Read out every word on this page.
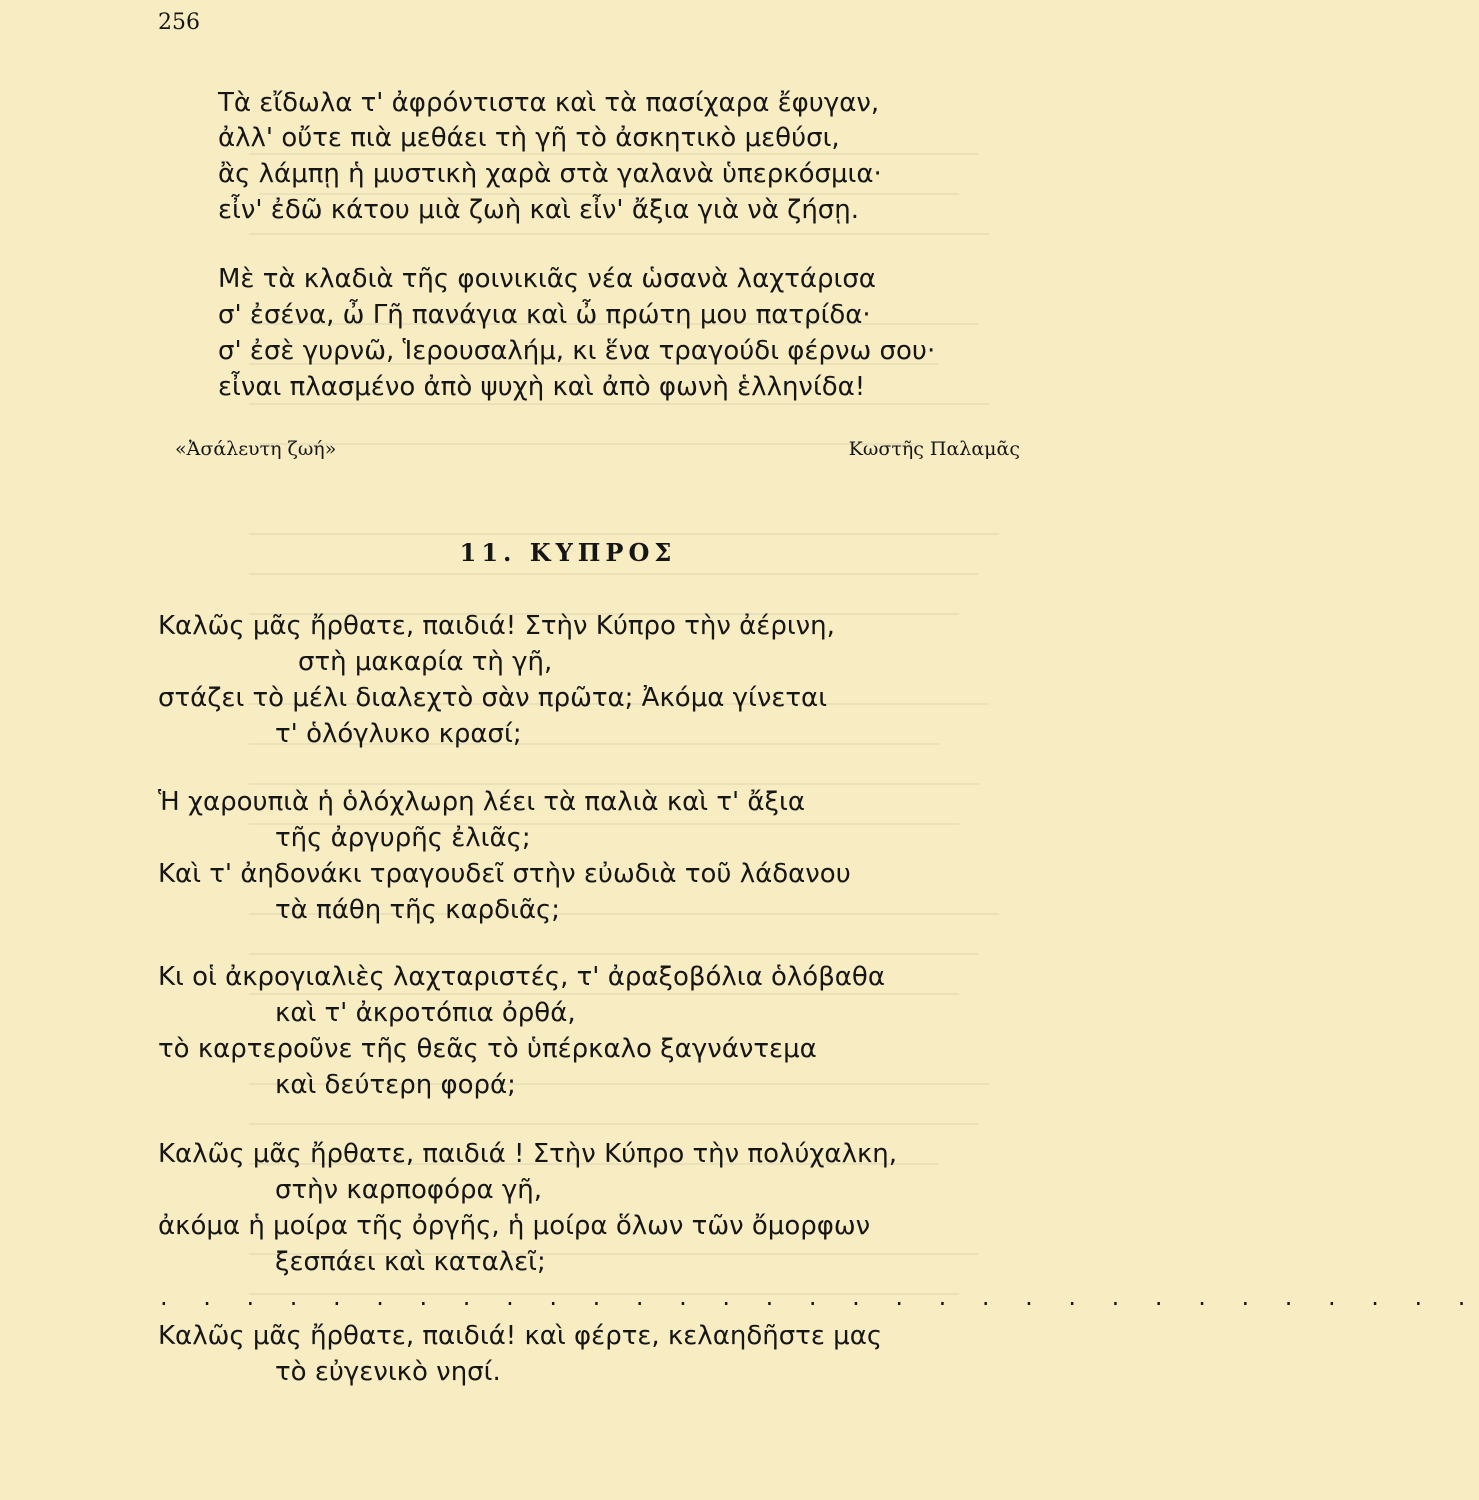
256
Τὰ εἴδωλα τ' ἀφρόντιστα καὶ τὰ πασίχαρα ἔφυγαν,
ἀλλ' οὔτε πιὰ μεθάει τὴ γῆ τὸ ἀσκητικὸ μεθύσι,
ἂς λάμπῃ ἡ μυστικὴ χαρὰ στὰ γαλανὰ ὑπερκόσμια·
εἶν' ἐδῶ κάτου μιὰ ζωὴ καὶ εἶν' ἄξια γιὰ νὰ ζήσῃ.
Μὲ τὰ κλαδιὰ τῆς φοινικιᾶς νέα ὡσανὰ λαχτάρισα
σ' ἐσένα, ὦ Γῆ πανάγια καὶ ὦ πρώτη μου πατρίδα·
σ' ἐσὲ γυρνῶ, Ἱερουσαλήμ, κι ἕνα τραγούδι φέρνω σου·
εἶναι πλασμένο ἀπὸ ψυχὴ καὶ ἀπὸ φωνὴ ἑλληνίδα!
«Ἀσάλευτη ζωή»	Κωστῆς Παλαμᾶς
11. ΚΥΠΡΟΣ
Καλῶς μᾶς ἤρθατε, παιδιά! Στὴν Κύπρο τὴν ἀέρινη,
στὴ μακαρία τὴ γῆ,
στάζει τὸ μέλι διαλεχτὸ σὰν πρῶτα; Ἀκόμα γίνεται
τ' ὁλόγλυκο κρασί;
Ἡ χαρουπιὰ ἡ ὁλόχλωρη λέει τὰ παλιὰ καὶ τ' ἄξια
τῆς ἀργυρῆς ἐλιᾶς;
Καὶ τ' ἀηδονάκι τραγουδεῖ στὴν εὐωδιὰ τοῦ λάδανου
τὰ πάθη τῆς καρδιᾶς;
Κι οἱ ἀκρογιαλιὲς λαχταριστές, τ' ἀραξοβόλια ὁλόβαθα
καὶ τ' ἀκροτόπια ὀρθά,
τὸ καρτεροῦνε τῆς θεᾶς τὸ ὑπέρκαλο ξαγνάντεμα
καὶ δεύτερη φορά;
Καλῶς μᾶς ἤρθατε, παιδιά ! Στὴν Κύπρο τὴν πολύχαλκη,
στὴν καρποφόρα γῆ,
ἀκόμα ἡ μοίρα τῆς ὀργῆς, ἡ μοίρα ὅλων τῶν ὄμορφων
ξεσπάει καὶ καταλεῖ;
. . . . . . . . . . . . . . . . . . . . . . . . . . . . . . .
Καλῶς μᾶς ἤρθατε, παιδιά! καὶ φέρτε, κελαηδῆστε μας
τὸ εὐγενικὸ νησί.
